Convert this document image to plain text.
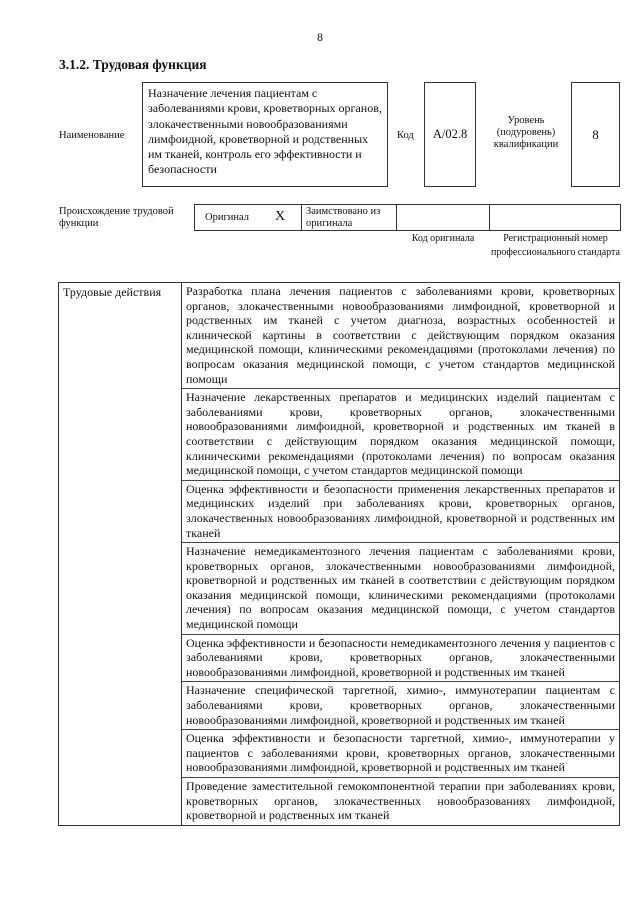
8
3.1.2. Трудовая функция
Наименование
Назначение лечения пациентам с заболеваниями крови, кроветворных органов, злокачественными новообразованиями лимфоидной, кроветворной и родственных им тканей, контроль его эффективности и безопасности
Код	A/02.8
Уровень (подуровень) квалификации
8
Происхождение трудовой функции
Оригинал X Заимствовано из оригинала
Код оригинала	Регистрационный номер профессионального стандарта
Трудовые действия	Разработка плана лечения пациентов с заболеваниями крови, кроветворных органов, злокачественными новообразованиями лимфоидной, кроветворной и родственных им тканей с учетом диагноза, возрастных особенностей и клинической картины в соответствии с действующим порядком оказания медицинской помощи, клиническими рекомендациями (протоколами лечения) по вопросам оказания медицинской помощи, с учетом стандартов медицинской помощи
Назначение лекарственных препаратов и медицинских изделий пациентам с заболеваниями крови, кроветворных органов, злокачественными новообразованиями лимфоидной, кроветворной и родственных им тканей в соответствии с действующим порядком оказания медицинской помощи, клиническими рекомендациями (протоколами лечения) по вопросам оказания медицинской помощи, с учетом стандартов медицинской помощи
Оценка эффективности и безопасности применения лекарственных препаратов и медицинских изделий при заболеваниях крови, кроветворных органов, злокачественных новообразованиях лимфоидной, кроветворной и родственных им тканей
Назначение немедикаментозного лечения пациентам с заболеваниями крови, кроветворных органов, злокачественными новообразованиями лимфоидной, кроветворной и родственных им тканей в соответствии с действующим порядком оказания медицинской помощи, клиническими рекомендациями (протоколами лечения) по вопросам оказания медицинской помощи, с учетом стандартов медицинской помощи
Оценка эффективности и безопасности немедикаментозного лечения у пациентов с заболеваниями крови, кроветворных органов, злокачественными новообразованиями лимфоидной, кроветворной и родственных им тканей
Назначение специфической таргетной, химио-, иммунотерапии пациентам с заболеваниями крови, кроветворных органов, злокачественными новообразованиями лимфоидной, кроветворной и родственных им тканей
Оценка эффективности и безопасности таргетной, химио-, иммунотерапии у пациентов с заболеваниями крови, кроветворных органов, злокачественными новообразованиями лимфоидной, кроветворной и родственных им тканей
Проведение заместительной гемокомпонентной терапии при заболеваниях крови, кроветворных органов, злокачественных новообразованиях лимфоидной, кроветворной и родственных им тканей
